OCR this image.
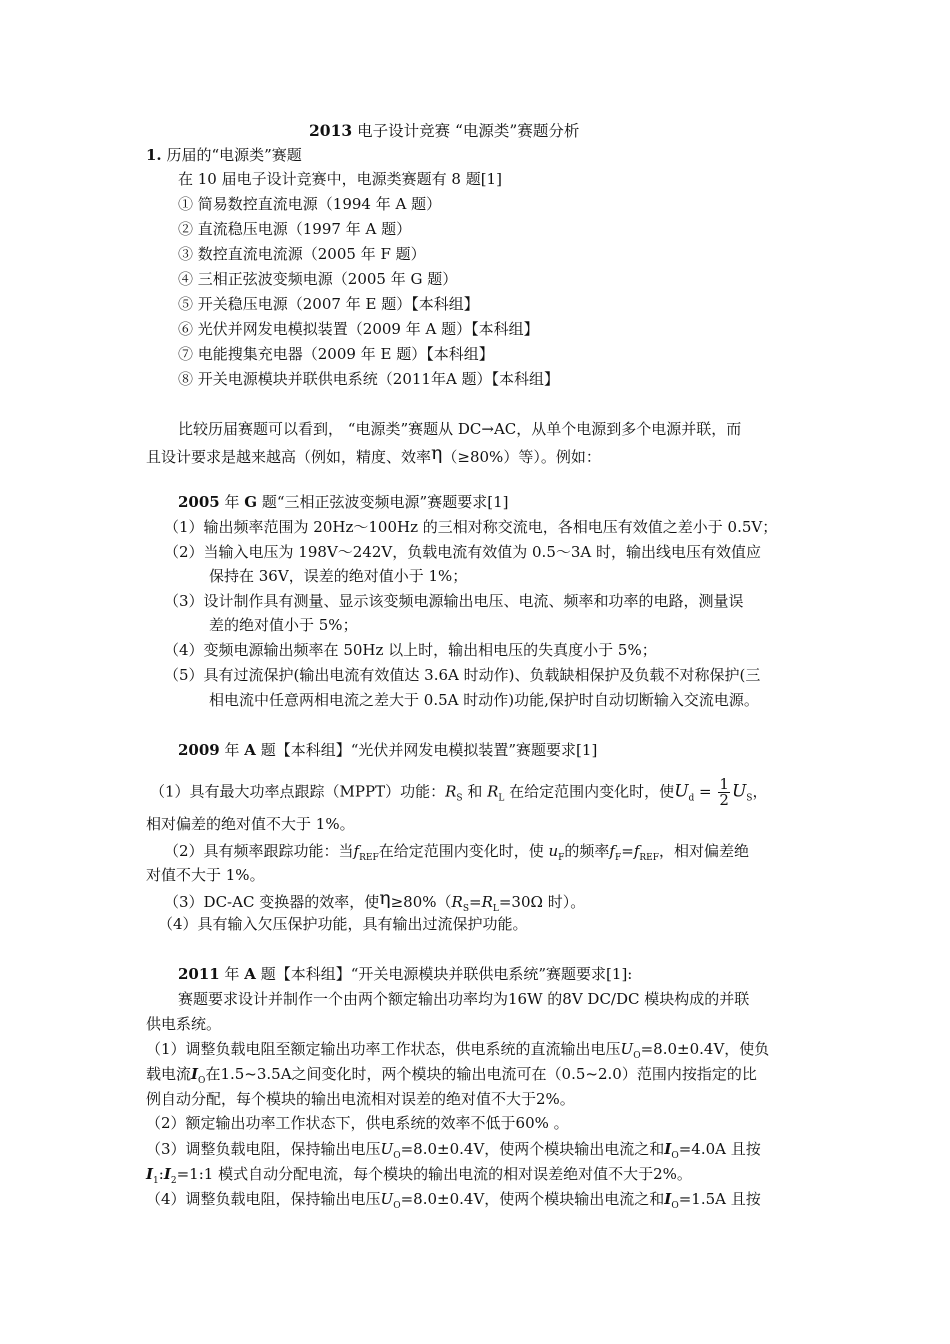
2013 电子设计竞赛 “电源类”赛题分析
1. 历届的“电源类”赛题
在 10 届电子设计竞赛中，电源类赛题有 8 题[1]
① 简易数控直流电源（1994 年 A 题）
② 直流稳压电源（1997 年 A 题）
③ 数控直流电流源（2005 年 F 题）
④ 三相正弦波变频电源（2005 年 G 题）
⑤ 开关稳压电源（2007 年 E 题）【本科组】
⑥ 光伏并网发电模拟装置（2009 年 A 题）【本科组】
⑦ 电能搜集充电器（2009 年 E 题）【本科组】
⑧ 开关电源模块并联供电系统（2011年A 题）【本科组】
比较历届赛题可以看到， “电源类”赛题从 DC→AC，从单个电源到多个电源并联，而
且设计要求是越来越高（例如，精度、效率η（≥80%）等）。例如：
2005 年 G 题“三相正弦波变频电源”赛题要求[1]
（1）输出频率范围为 20Hz～100Hz 的三相对称交流电，各相电压有效值之差小于 0.5V；
（2）当输入电压为 198V～242V，负载电流有效值为 0.5～3A 时，输出线电压有效值应
保持在 36V，误差的绝对值小于 1%；
（3）设计制作具有测量、显示该变频电源输出电压、电流、频率和功率的电路，测量误
差的绝对值小于 5%；
（4）变频电源输出频率在 50Hz 以上时，输出相电压的失真度小于 5%；
（5）具有过流保护(输出电流有效值达 3.6A 时动作)、负载缺相保护及负载不对称保护(三
相电流中任意两相电流之差大于 0.5A 时动作)功能,保护时自动切断输入交流电源。
2009 年 A 题【本科组】“光伏并网发电模拟装置”赛题要求[1]
（1）具有最大功率点跟踪（MPPT）功能：$R_S$ 和 $R_L$ 在给定范围内变化时，使$U_d = \frac{1}{2} U_S$，
相对偏差的绝对值不大于 1%。
（2）具有频率跟踪功能：当$f_{REF}$在给定范围内变化时，使 $u_F$的频率$f_F=f_{REF}$，相对偏差绝
对值不大于 1%。
（3）DC-AC 变换器的效率，使$\eta\ge 80\%(R_S=R_L=30\Omega$ 时）。
（4）具有输入欠压保护功能，具有输出过流保护功能。
2011 年 A 题【本科组】“开关电源模块并联供电系统”赛题要求[1]:
赛题要求设计并制作一个由两个额定输出功率均为16W 的8V DC/DC 模块构成的并联
供电系统。
（1）调整负载电阻至额定输出功率工作状态，供电系统的直流输出电压$U_O=8.0\pm 0.4V$，使负
载电流$I_O$在1.5~3.5A之间变化时，两个模块的输出电流可在（0.5~2.0）范围内按指定的比
例自动分配，每个模块的输出电流相对误差的绝对值不大于2%。
（2）额定输出功率工作状态下，供电系统的效率不低于60% 。
（3）调整负载电阻，保持输出电压$U_O=8.0\pm 0.4V$，使两个模块输出电流之和$I_O=4.0A$ 且按
$I_1:I_2=1:1$ 模式自动分配电流，每个模块的输出电流的相对误差绝对值不大于2%。
（4）调整负载电阻，保持输出电压$U_O=8.0\pm 0.4V$，使两个模块输出电流之和$I_O=1.5A$ 且按
